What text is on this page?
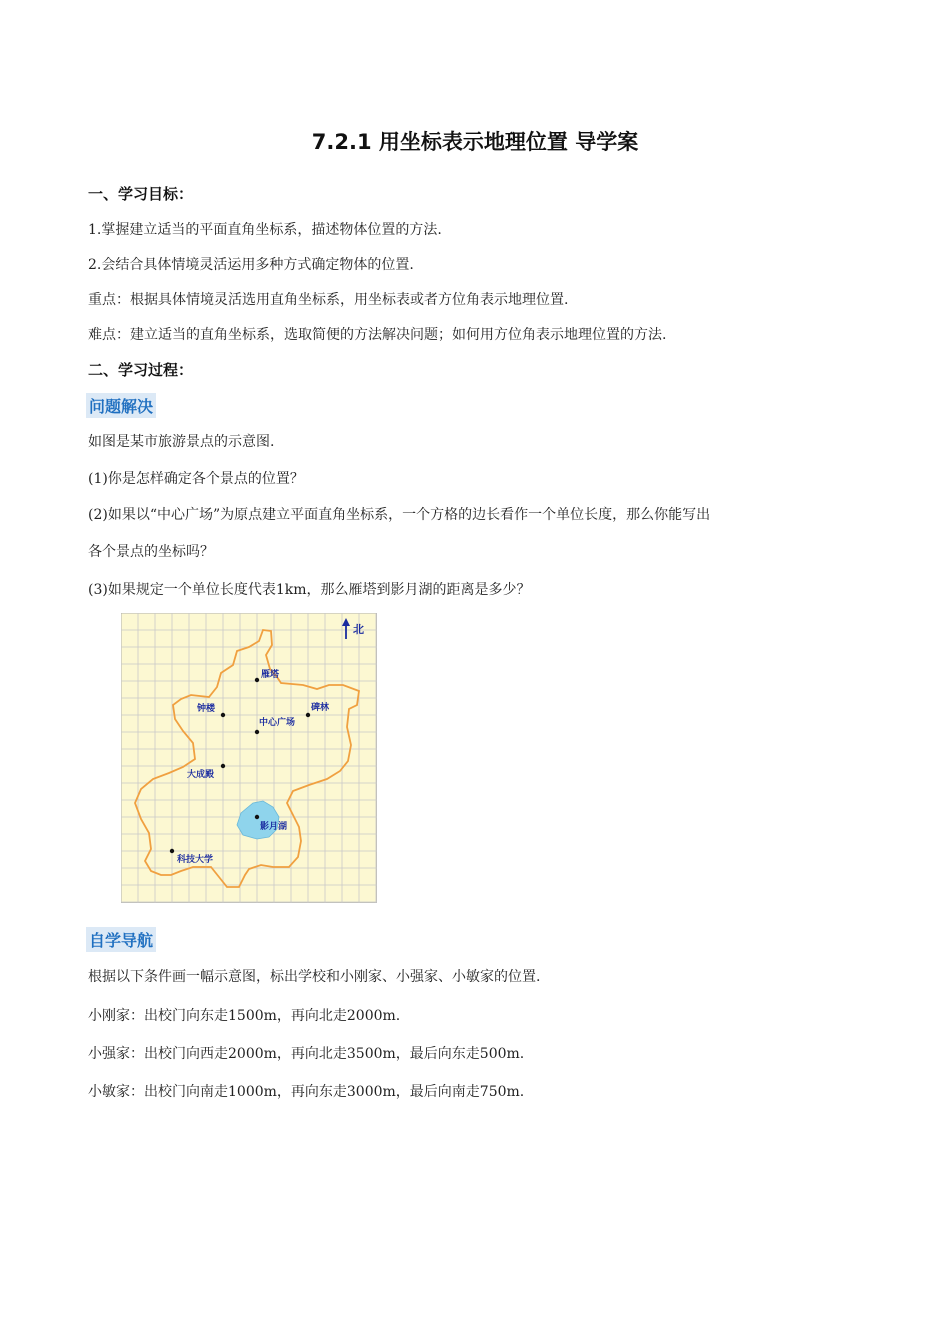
7.2.1 用坐标表示地理位置 导学案
一、学习目标：
1.掌握建立适当的平面直角坐标系，描述物体位置的方法.
2.会结合具体情境灵活运用多种方式确定物体的位置.
重点：根据具体情境灵活选用直角坐标系，用坐标表或者方位角表示地理位置.
难点：建立适当的直角坐标系，选取简便的方法解决问题；如何用方位角表示地理位置的方法.
二、学习过程：
问题解决
如图是某市旅游景点的示意图.
(1)你是怎样确定各个景点的位置？
(2)如果以“中心广场”为原点建立平面直角坐标系，一个方格的边长看作一个单位长度，那么你能写出
各个景点的坐标吗？
(3)如果规定一个单位长度代表1km，那么雁塔到影月湖的距离是多少？
北
雁塔
钟楼
中心广场
碑林
大成殿
影月湖
科技大学
自学导航
根据以下条件画一幅示意图，标出学校和小刚家、小强家、小敏家的位置.
小刚家：出校门向东走1500m，再向北走2000m.
小强家：出校门向西走2000m，再向北走3500m，最后向东走500m.
小敏家：出校门向南走1000m，再向东走3000m，最后向南走750m.
